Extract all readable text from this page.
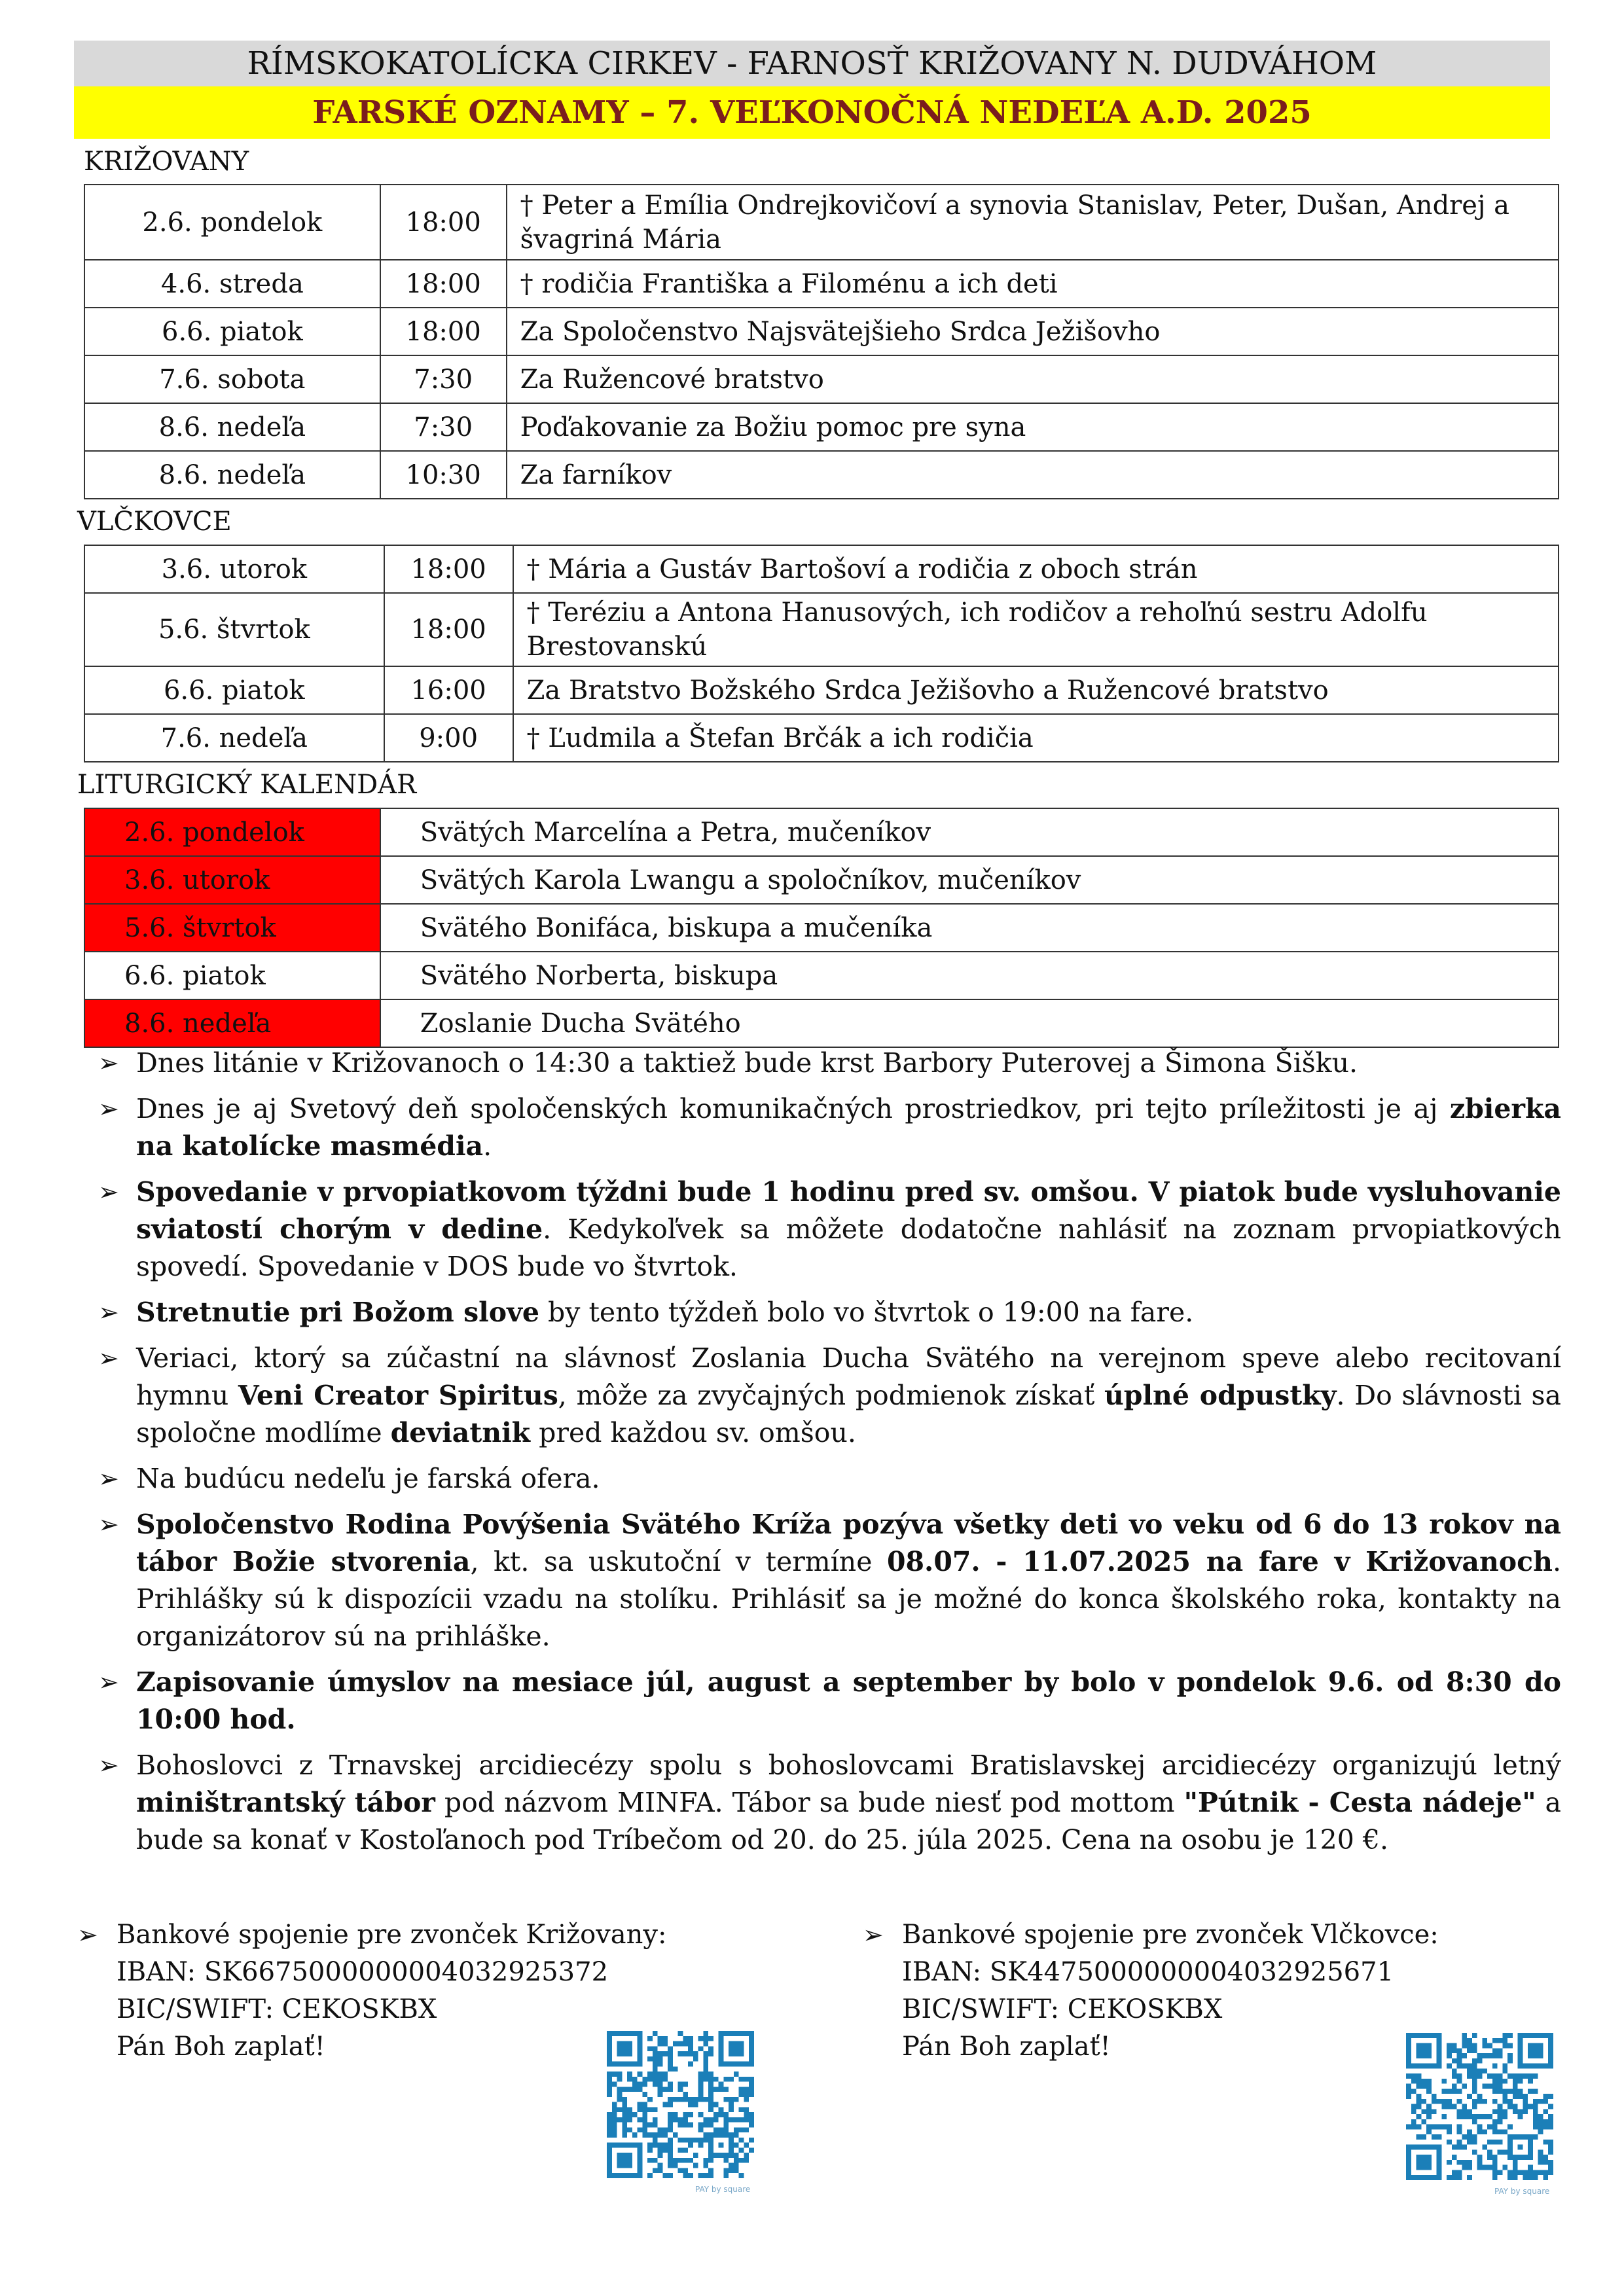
RÍMSKOKATOLÍCKA CIRKEV - FARNOSŤ KRIŽOVANY N. DUDVÁHOM
FARSKÉ OZNAMY – 7. VEĽKONOČNÁ NEDEĽA A.D. 2025
KRIŽOVANY
2.6. pondelok	18:00	† Peter a Emília Ondrejkovičoví a synovia Stanislav, Peter, Dušan, Andrej a švagriná Mária
4.6. streda	18:00	† rodičia Františka a Filoménu a ich deti
6.6. piatok	18:00	Za Spoločenstvo Najsvätejšieho Srdca Ježišovho
7.6. sobota	7:30	Za Ružencové bratstvo
8.6. nedeľa	7:30	Poďakovanie za Božiu pomoc pre syna
8.6. nedeľa	10:30	Za farníkov
VLČKOVCE
3.6. utorok	18:00	† Mária a Gustáv Bartošoví a rodičia z oboch strán
5.6. štvrtok	18:00	† Teréziu a Antona Hanusových, ich rodičov a rehoľnú sestru Adolfu Brestovanskú
6.6. piatok	16:00	Za Bratstvo Božského Srdca Ježišovho a Ružencové bratstvo
7.6. nedeľa	9:00	† Ľudmila a Štefan Brčák a ich rodičia
LITURGICKÝ KALENDÁR
2.6. pondelok	Svätých Marcelína a Petra, mučeníkov
3.6. utorok	Svätých Karola Lwangu a spoločníkov, mučeníkov
5.6. štvrtok	Svätého Bonifáca, biskupa a mučeníka
6.6. piatok	Svätého Norberta, biskupa
8.6. nedeľa	Zoslanie Ducha Svätého
➢ Dnes litánie v Križovanoch o 14:30 a taktiež bude krst Barbory Puterovej a Šimona Šišku.
➢ Dnes je aj Svetový deň spoločenských komunikačných prostriedkov, pri tejto príležitosti je aj zbierka na katolícke masmédia.
➢ Spovedanie v prvopiatkovom týždni bude 1 hodinu pred sv. omšou. V piatok bude vysluhovanie sviatostí chorým v dedine. Kedykoľvek sa môžete dodatočne nahlásiť na zoznam prvopiatkových spovedí. Spovedanie v DOS bude vo štvrtok.
➢ Stretnutie pri Božom slove by tento týždeň bolo vo štvrtok o 19:00 na fare.
➢ Veriaci, ktorý sa zúčastní na slávnosť Zoslania Ducha Svätého na verejnom speve alebo recitovaní hymnu Veni Creator Spiritus, môže za zvyčajných podmienok získať úplné odpustky. Do slávnosti sa spoločne modlíme deviatnik pred každou sv. omšou.
➢ Na budúcu nedeľu je farská ofera.
➢ Spoločenstvo Rodina Povýšenia Svätého Kríža pozýva všetky deti vo veku od 6 do 13 rokov na tábor Božie stvorenia, kt. sa uskutoční v termíne 08.07. - 11.07.2025 na fare v Križovanoch. Prihlášky sú k dispozícii vzadu na stolíku. Prihlásiť sa je možné do konca školského roka, kontakty na organizátorov sú na prihláške.
➢ Zapisovanie úmyslov na mesiace júl, august a september by bolo v pondelok 9.6. od 8:30 do 10:00 hod.
➢ Bohoslovci z Trnavskej arcidiecézy spolu s bohoslovcami Bratislavskej arcidiecézy organizujú letný miništrantský tábor pod názvom MINFA. Tábor sa bude niesť pod mottom "Pútnik - Cesta nádeje" a bude sa konať v Kostoľanoch pod Tríbečom od 20. do 25. júla 2025. Cena na osobu je 120 €.
➢ Bankové spojenie pre zvonček Križovany:
IBAN: SK6675000000004032925372
BIC/SWIFT: CEKOSKBX
Pán Boh zaplať!
➢ Bankové spojenie pre zvonček Vlčkovce:
IBAN: SK4475000000004032925671
BIC/SWIFT: CEKOSKBX
Pán Boh zaplať!
PAY by square	PAY by square
